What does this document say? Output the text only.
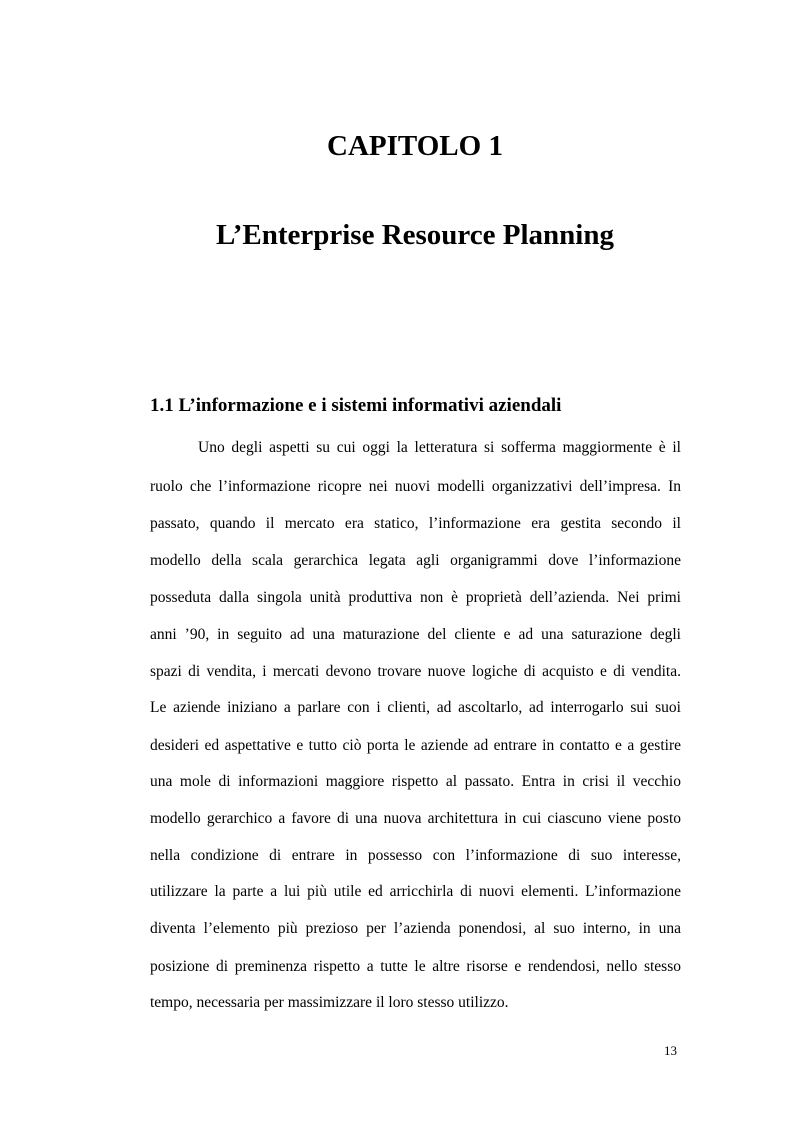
CAPITOLO 1
L’Enterprise Resource Planning
1.1 L’informazione e i sistemi informativi aziendali

Uno degli aspetti su cui oggi la letteratura si sofferma maggiormente è il

ruolo che l’informazione ricopre nei nuovi modelli organizzativi dell’impresa. In

passato, quando il mercato era statico, l’informazione era gestita secondo il

modello della scala gerarchica legata agli organigrammi dove l’informazione

posseduta dalla singola unità produttiva non è proprietà dell’azienda. Nei primi

anni ’90, in seguito ad una maturazione del cliente e ad una saturazione degli

spazi di vendita, i mercati devono trovare nuove logiche di acquisto e di vendita.

Le aziende iniziano a parlare con i clienti, ad ascoltarlo, ad interrogarlo sui suoi

desideri ed aspettative e tutto ciò porta le aziende ad entrare in contatto e a gestire

una mole di informazioni maggiore rispetto al passato. Entra in crisi il vecchio

modello gerarchico a favore di una nuova architettura in cui ciascuno viene posto

nella condizione di entrare in possesso con l’informazione di suo interesse,

utilizzare la parte a lui più utile ed arricchirla di nuovi elementi. L’informazione

diventa l’elemento più prezioso per l’azienda ponendosi, al suo interno, in una

posizione di preminenza rispetto a tutte le altre risorse e rendendosi, nello stesso

tempo, necessaria per massimizzare il loro stesso utilizzo.

13
